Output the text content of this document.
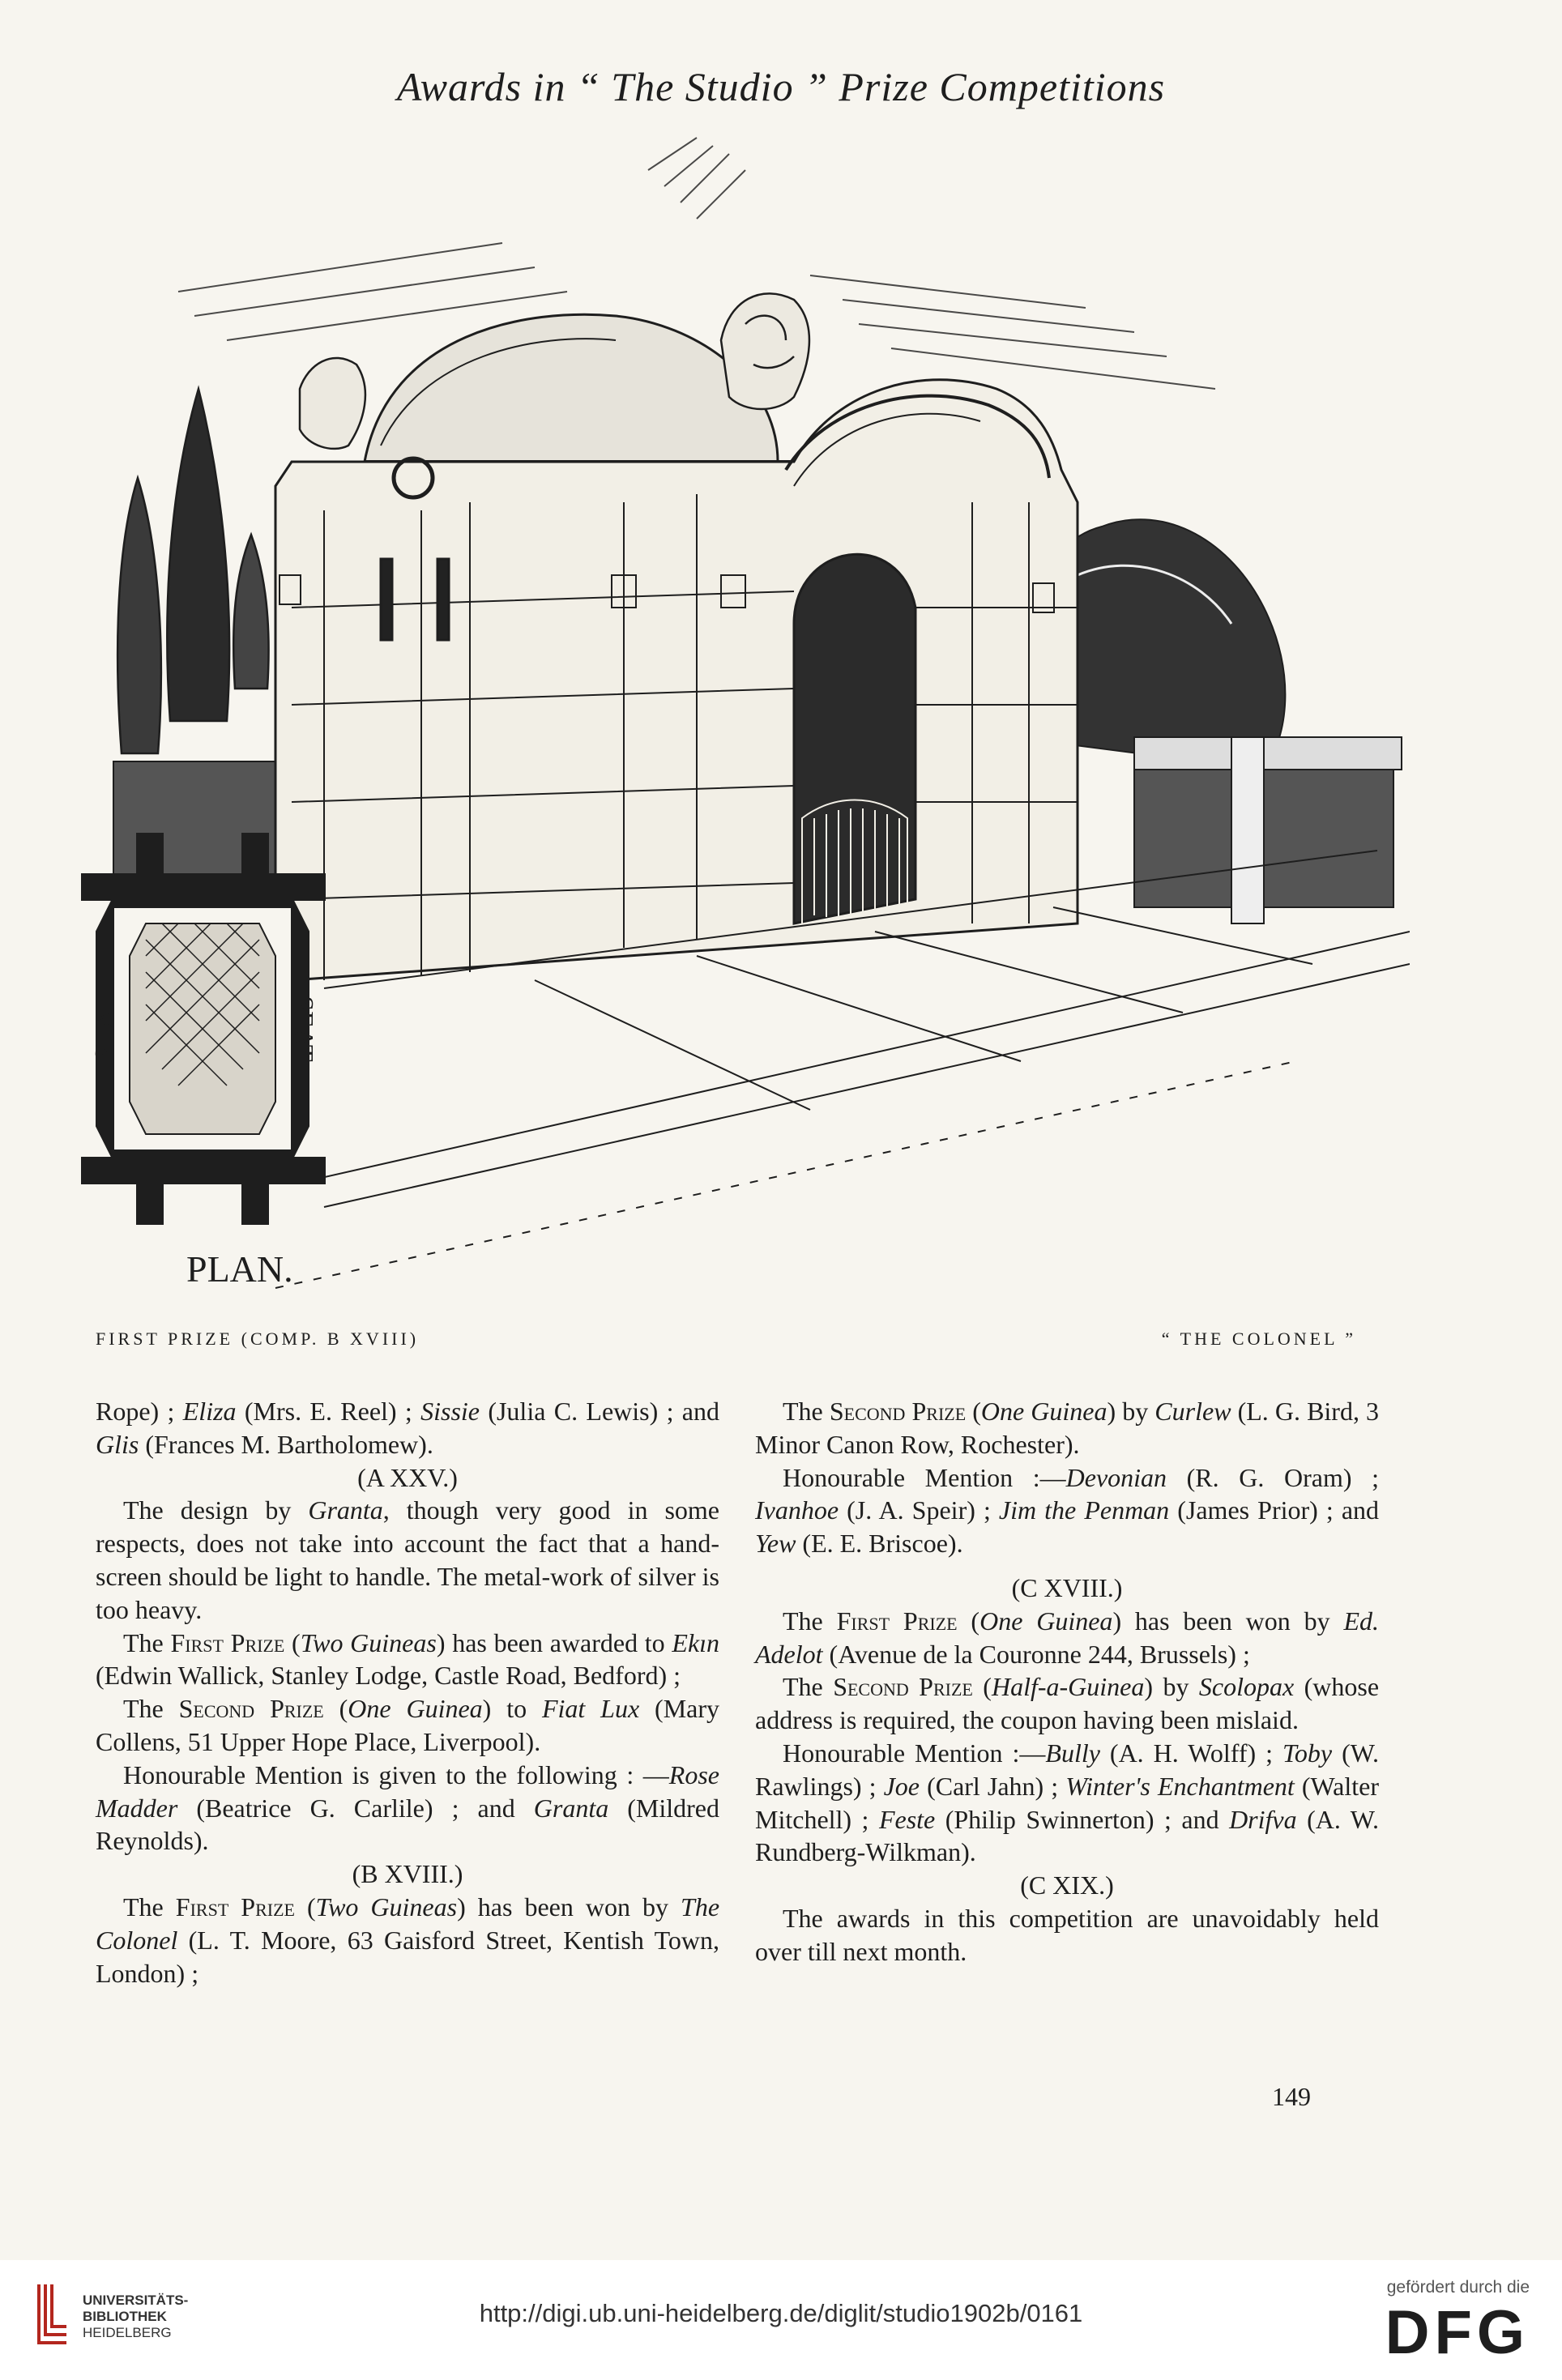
Awards in “ The Studio ” Prize Competitions
SEAT	SEAT
PLAN.
FIRST PRIZE (COMP. B XVIII)	“ THE COLONEL ”

Rope) ; Eliza (Mrs. E. Reel) ; Sissie (Julia C. Lewis) ; and Glis (Frances M. Bartholomew).

(A XXV.)

The design by Granta, though very good in some respects, does not take into account the fact that a hand-screen should be light to handle. The metal-work of silver is too heavy.

The First Prize (Two Guineas) has been awarded to Ekın (Edwin Wallick, Stanley Lodge, Castle Road, Bedford) ;

The Second Prize (One Guinea) to Fiat Lux (Mary Collens, 51 Upper Hope Place, Liverpool).

Honourable Mention is given to the following : —Rose Madder (Beatrice G. Carlile) ; and Granta (Mildred Reynolds).

(B XVIII.)

The First Prize (Two Guineas) has been won by The Colonel (L. T. Moore, 63 Gaisford Street, Kentish Town, London) ;

The Second Prize (One Guinea) by Curlew (L. G. Bird, 3 Minor Canon Row, Rochester).

Honourable Mention :—Devonian (R. G. Oram) ; Ivanhoe (J. A. Speir) ; Jim the Penman (James Prior) ; and Yew (E. E. Briscoe).

(C XVIII.)

The First Prize (One Guinea) has been won by Ed. Adelot (Avenue de la Couronne 244, Brussels) ;

The Second Prize (Half-a-Guinea) by Scolopax (whose address is required, the coupon having been mislaid.

Honourable Mention :—Bully (A. H. Wolff) ; Toby (W. Rawlings) ; Joe (Carl Jahn) ; Winter's Enchantment (Walter Mitchell) ; Feste (Philip Swinnerton) ; and Drifva (A. W. Rundberg-Wilkman).

(C XIX.)

The awards in this competition are unavoidably held over till next month.

149
UNIVERSITÄTS-
BIBLIOTHEK
HEIDELBERG
http://digi.ub.uni-heidelberg.de/diglit/studio1902b/0161
gefördert durch die
DFG
